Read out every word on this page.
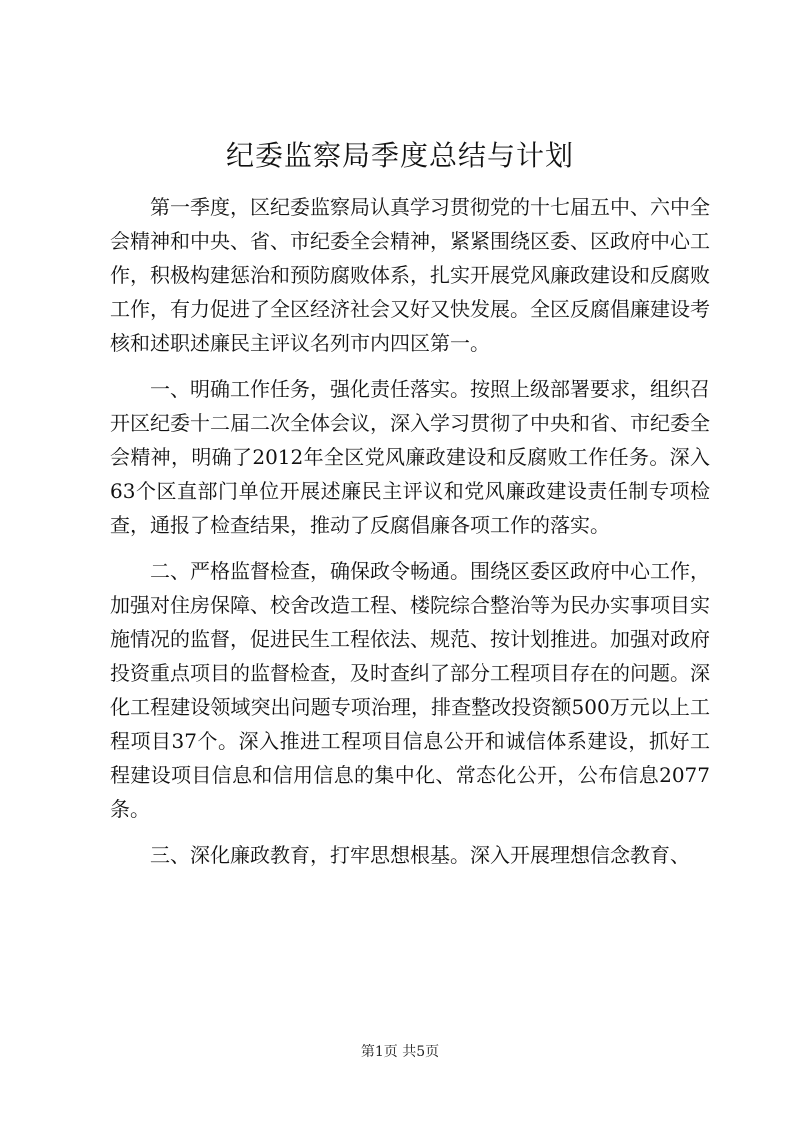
纪委监察局季度总结与计划

第一季度，区纪委监察局认真学习贯彻党的十七届五中、六中全会精神和中央、省、市纪委全会精神，紧紧围绕区委、区政府中心工作，积极构建惩治和预防腐败体系，扎实开展党风廉政建设和反腐败工作，有力促进了全区经济社会又好又快发展。全区反腐倡廉建设考核和述职述廉民主评议名列市内四区第一。

一、明确工作任务，强化责任落实。按照上级部署要求，组织召开区纪委十二届二次全体会议，深入学习贯彻了中央和省、市纪委全会精神，明确了2012年全区党风廉政建设和反腐败工作任务。深入63个区直部门单位开展述廉民主评议和党风廉政建设责任制专项检查，通报了检查结果，推动了反腐倡廉各项工作的落实。

二、严格监督检查，确保政令畅通。围绕区委区政府中心工作，加强对住房保障、校舍改造工程、楼院综合整治等为民办实事项目实施情况的监督，促进民生工程依法、规范、按计划推进。加强对政府投资重点项目的监督检查，及时查纠了部分工程项目存在的问题。深化工程建设领域突出问题专项治理，排查整改投资额500万元以上工程项目37个。深入推进工程项目信息公开和诚信体系建设，抓好工程建设项目信息和信用信息的集中化、常态化公开，公布信息2077条。

三、深化廉政教育，打牢思想根基。深入开展理想信念教育、

第1页 共5页
